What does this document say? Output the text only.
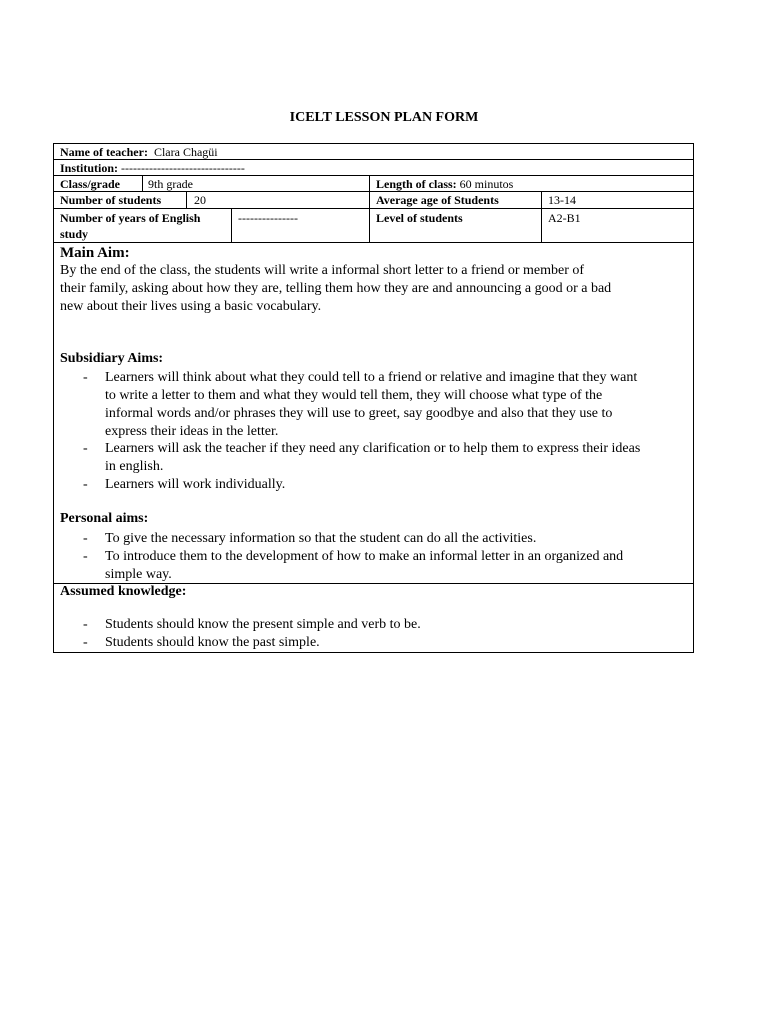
ICELT LESSON PLAN FORM
Name of teacher: Clara Chagüi
Institution: -------------------------------
Class/grade 9th grade	Length of class: 60 minutos
Number of students	20	Average age of Students	13-14
Number of years of English
study
---------------	Level of students	A2-B1
Main Aim:
By the end of the class, the students will write a informal short letter to a friend or member of
their family, asking about how they are, telling them how they are and announcing a good or a bad
new about their lives using a basic vocabulary.
Subsidiary Aims:
- Learners will think about what they could tell to a friend or relative and imagine that they want
to write a letter to them and what they would tell them, they will choose what type of the
informal words and/or phrases they will use to greet, say goodbye and also that they use to
express their ideas in the letter.
- Learners will ask the teacher if they need any clarification or to help them to express their ideas
in english.
- Learners will work individually.
Personal aims:
- To give the necessary information so that the student can do all the activities.
- To introduce them to the development of how to make an informal letter in an organized and
simple way.
Assumed knowledge:
- Students should know the present simple and verb to be.
- Students should know the past simple.
